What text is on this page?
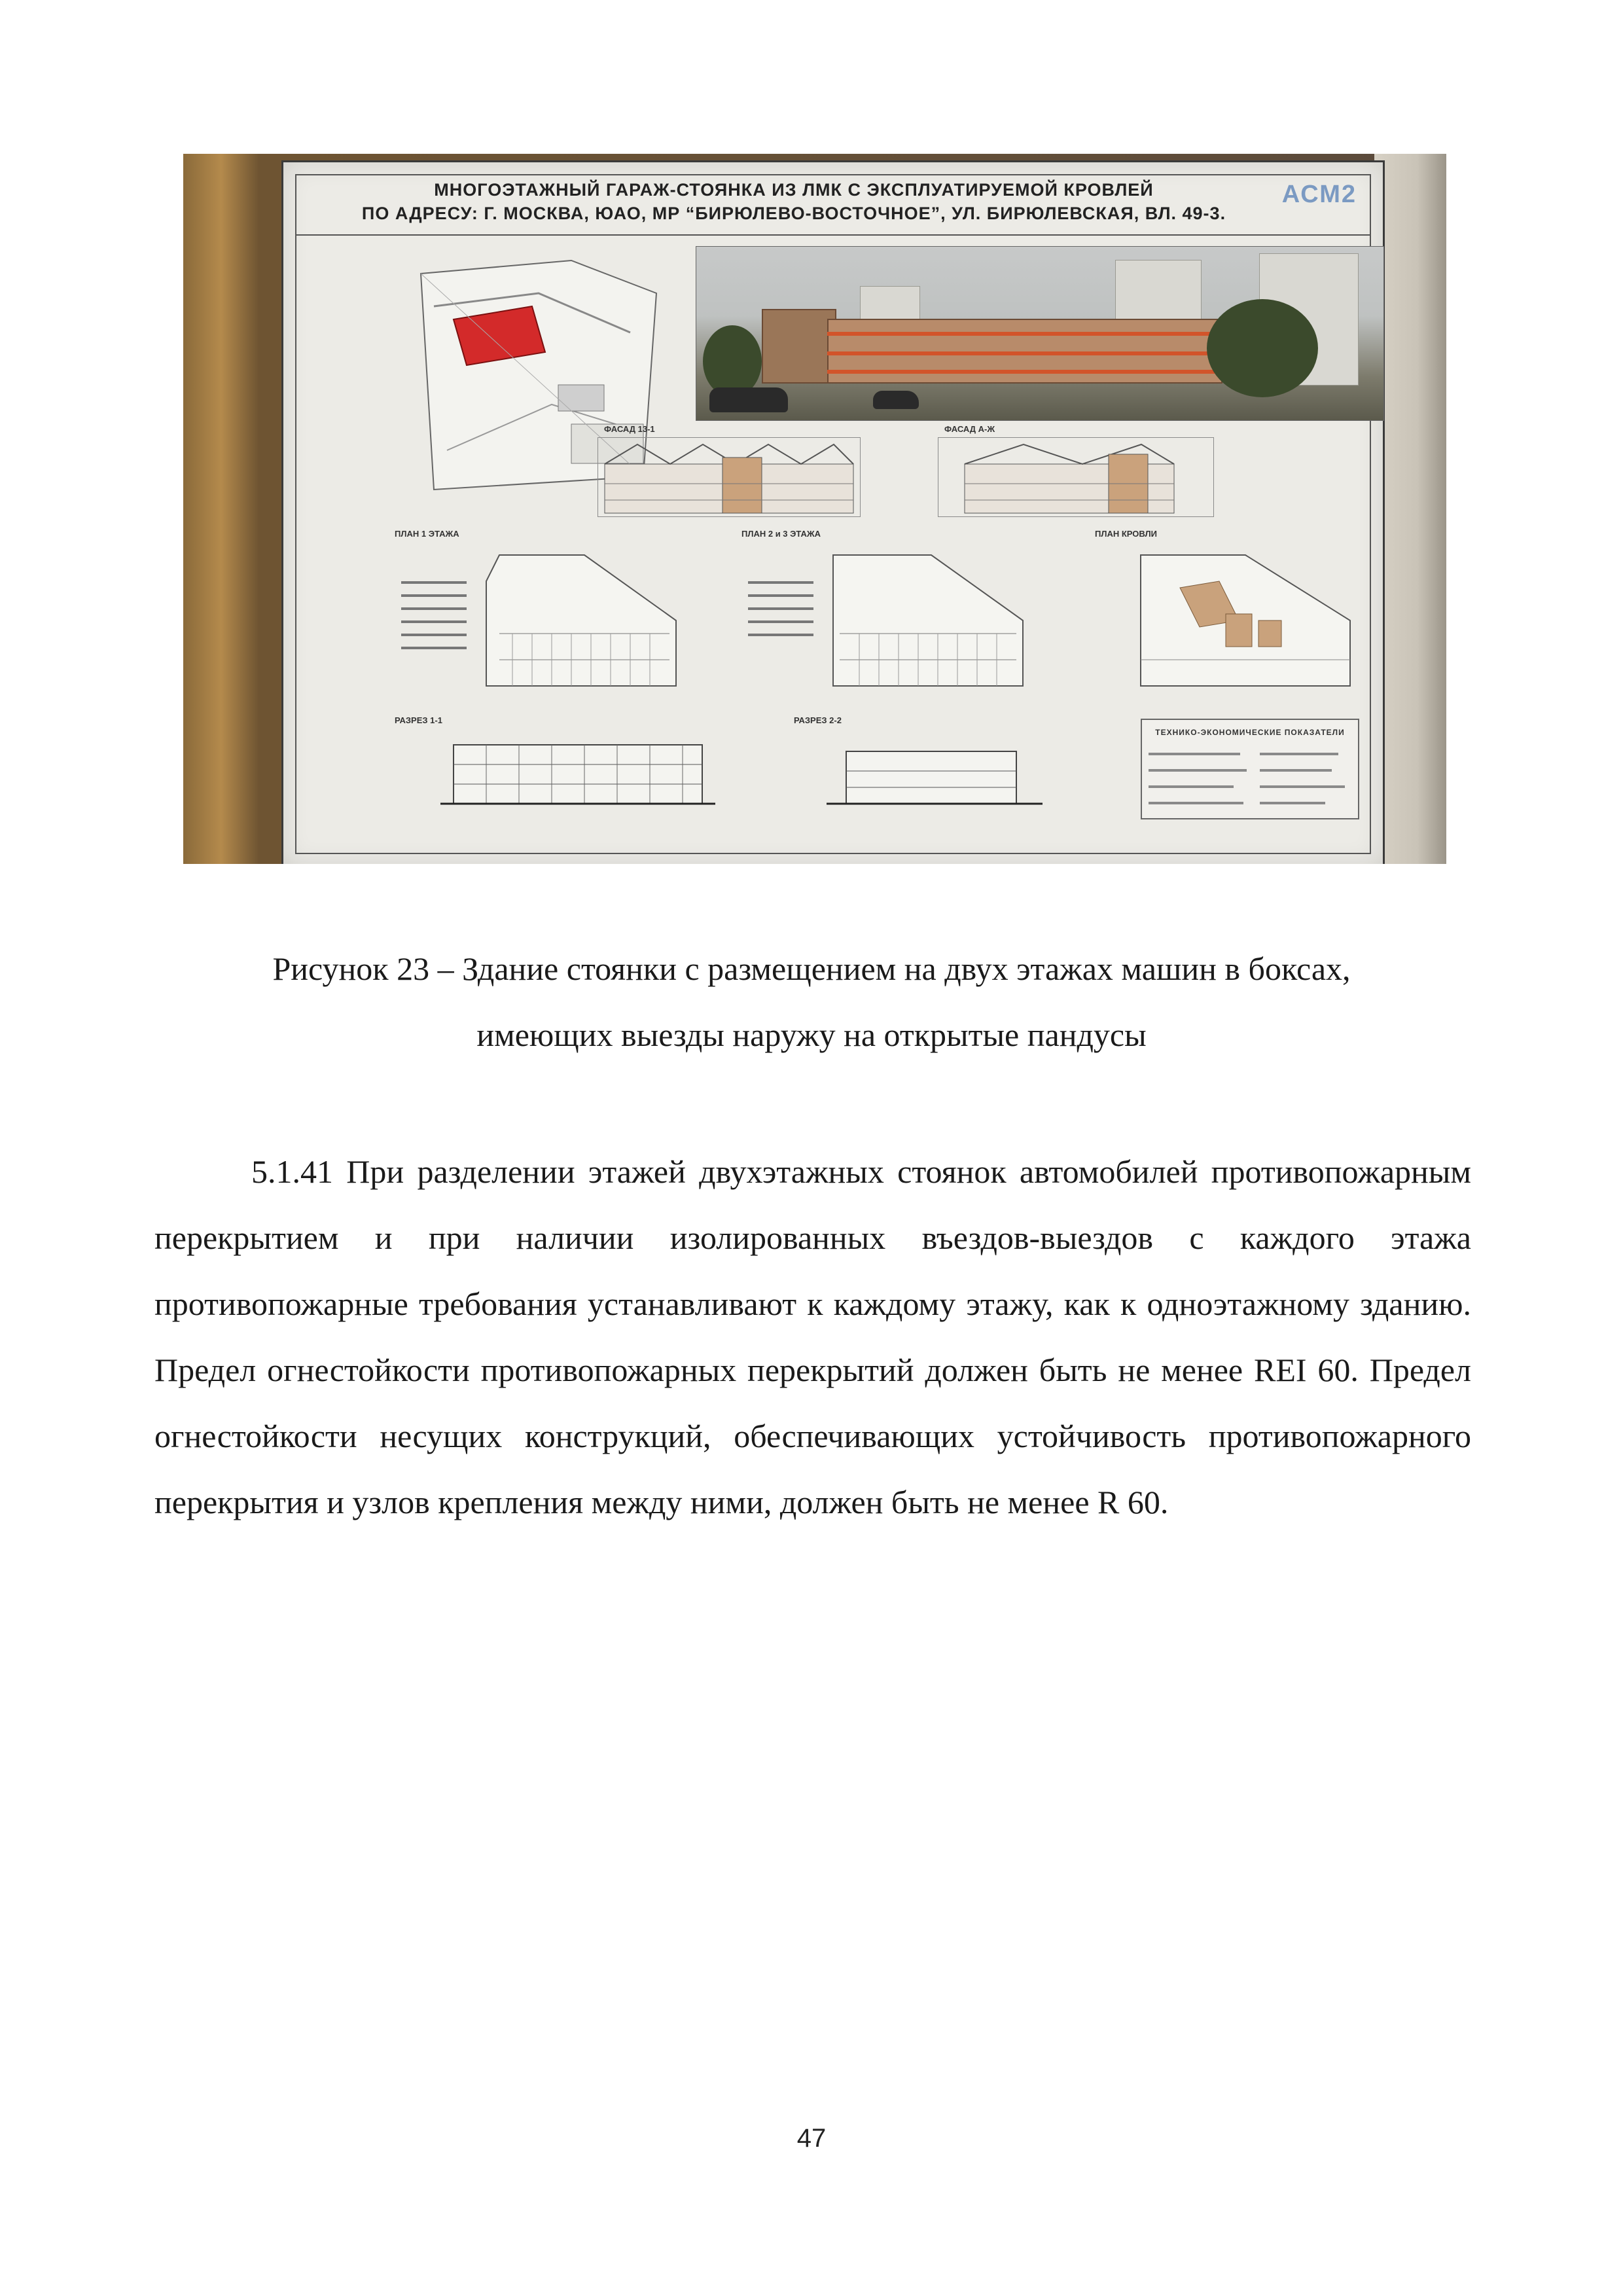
МНОГОЭТАЖНЫЙ ГАРАЖ-СТОЯНКА ИЗ ЛМК С ЭКСПЛУАТИРУЕМОЙ КРОВЛЕЙ
ПО АДРЕСУ: Г. МОСКВА, ЮАО, МР “БИРЮЛЕВО-ВОСТОЧНОЕ”, УЛ. БИРЮЛЕВСКАЯ, ВЛ. 49-3.
АСМ2
ФАСАД 13-1	ФАСАД А-Ж
ПЛАН 1 ЭТАЖА	ПЛАН 2 и 3 ЭТАЖА	ПЛАН КРОВЛИ
РАЗРЕЗ 1-1	РАЗРЕЗ 2-2
ТЕХНИКО-ЭКОНОМИЧЕСКИЕ ПОКАЗАТЕЛИ
Рисунок 23 – Здание стоянки с размещением на двух этажах машин в боксах,
имеющих выезды наружу на открытые пандусы

5.1.41 При разделении этажей двухэтажных стоянок автомобилей противопожарным перекрытием и при наличии изолированных въездов-выездов с каждого этажа противопожарные требования устанавливают к каждому этажу, как к одноэтажному зданию. Предел огнестойкости противопожарных перекрытий должен быть не менее REI 60. Предел огнестойкости несущих конструкций, обеспечивающих устойчивость противопожарного перекрытия и узлов крепления между ними, должен быть не менее R 60.

47
